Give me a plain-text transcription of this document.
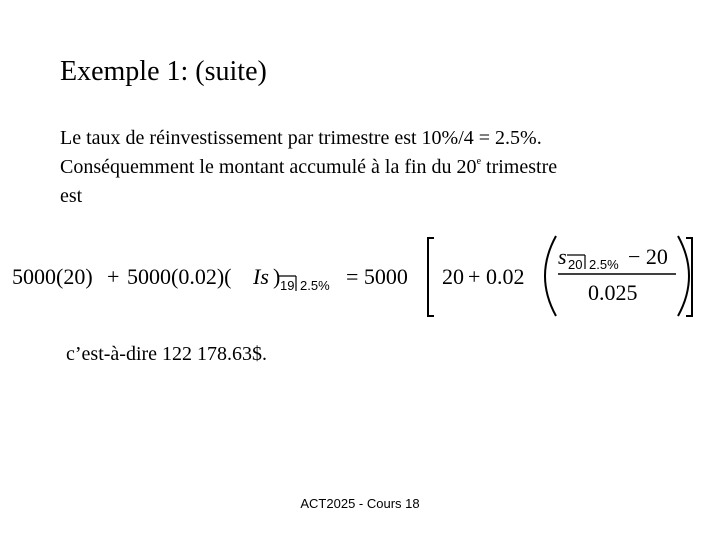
Exemple 1: (suite)
Le taux de réinvestissement par trimestre est 10%/4 = 2.5%.
Conséquemment le montant accumulé à la fin du 20e trimestre
est
5000(20) + 5000(0.02)( Is ) 19 2.5% = 5000 20 + 0.02
s 20 2.5% − 20
0.025
c’est-à-dire 122 178.63$.
ACT2025 - Cours 18
